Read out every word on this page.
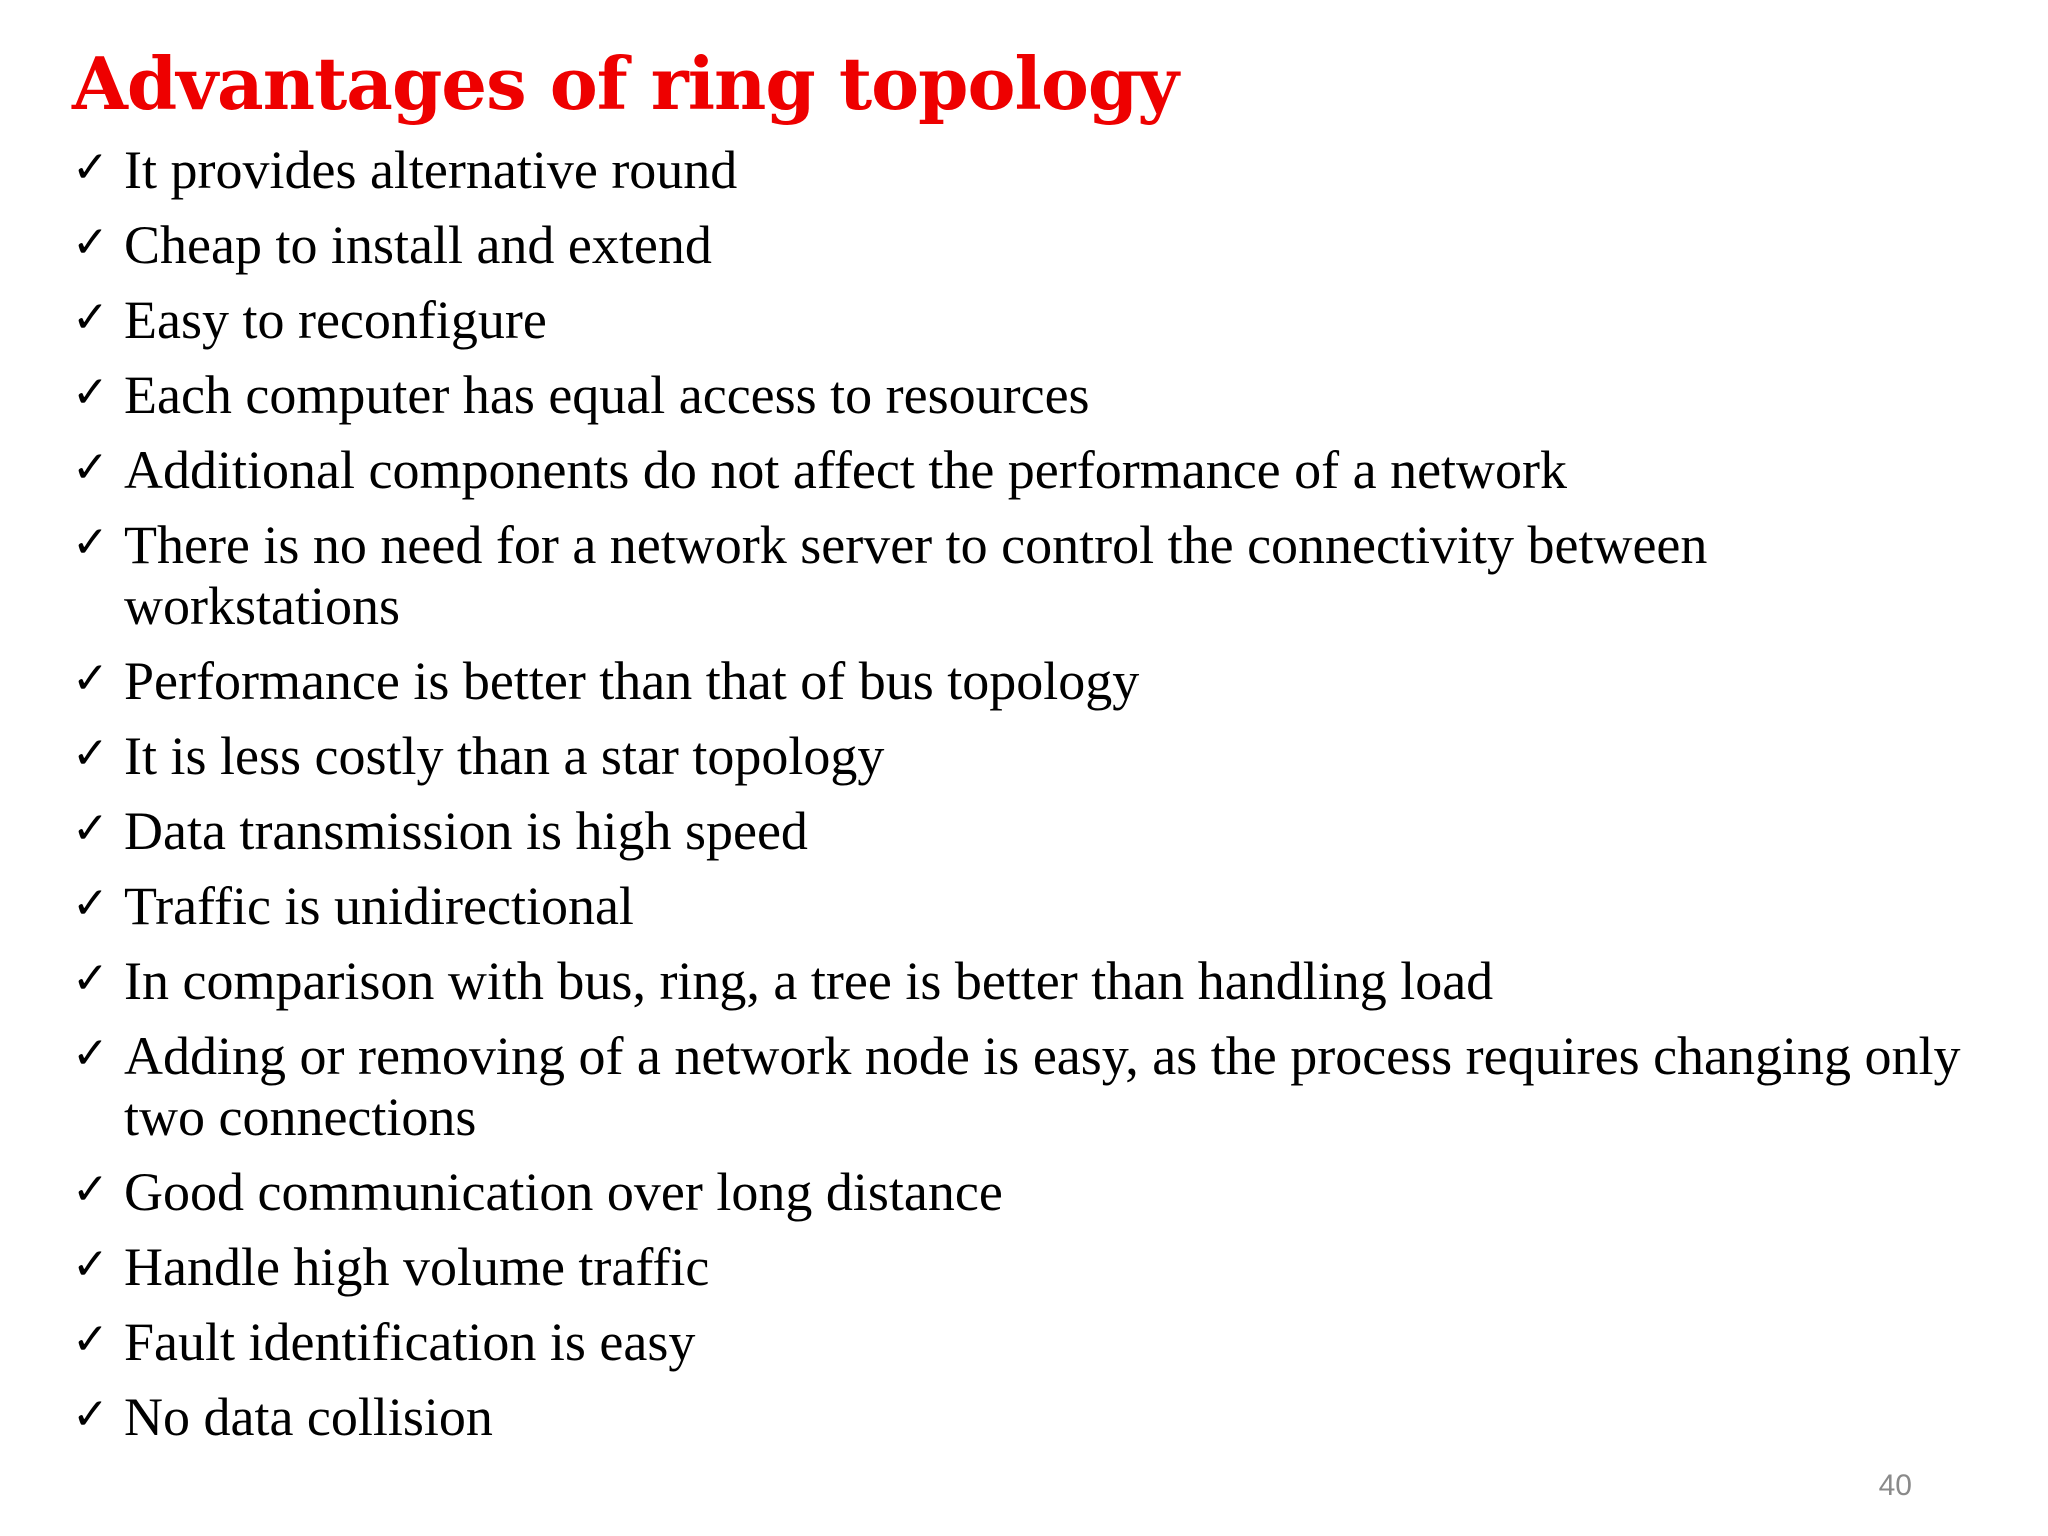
Advantages of ring topology
✓ It provides alternative round
✓ Cheap to install and extend
✓ Easy to reconfigure
✓ Each computer has equal access to resources
✓ Additional components do not affect the performance of a network
✓ There is no need for a network server to control the connectivity between workstations
✓ Performance is better than that of bus topology
✓ It is less costly than a star topology
✓ Data transmission is high speed
✓ Traffic is unidirectional
✓ In comparison with bus, ring, a tree is better than handling load
✓ Adding or removing of a network node is easy, as the process requires changing only two connections
✓ Good communication over long distance
✓ Handle high volume traffic
✓ Fault identification is easy
✓ No data collision
40
